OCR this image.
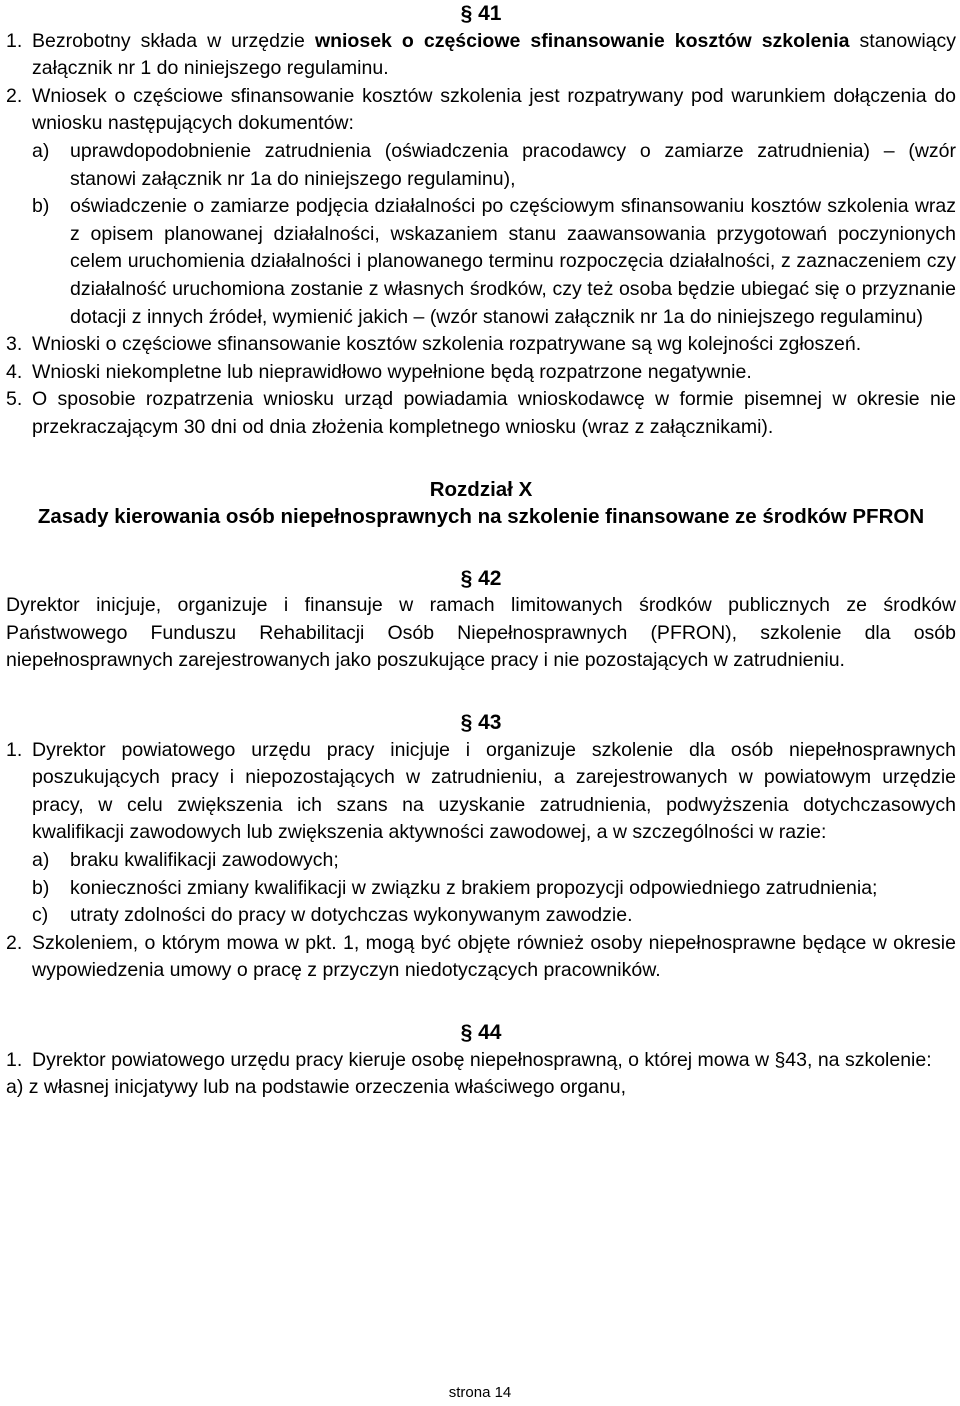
§ 41
1. Bezrobotny składa w urzędzie wniosek o częściowe sfinansowanie kosztów szkolenia stanowiący załącznik nr 1 do niniejszego regulaminu.
2. Wniosek o częściowe sfinansowanie kosztów szkolenia jest rozpatrywany pod warunkiem dołączenia do wniosku następujących dokumentów:
a)	uprawdopodobnienie zatrudnienia (oświadczenia pracodawcy o zamiarze zatrudnienia) – (wzór stanowi załącznik nr 1a do niniejszego regulaminu),
b)	oświadczenie o zamiarze podjęcia działalności po częściowym sfinansowaniu kosztów szkolenia wraz z opisem planowanej działalności, wskazaniem stanu zaawansowania przygotowań poczynionych celem uruchomienia działalności i planowanego terminu rozpoczęcia działalności, z zaznaczeniem czy działalność uruchomiona zostanie z własnych środków, czy też osoba będzie ubiegać się o przyznanie dotacji z innych źródeł, wymienić jakich – (wzór stanowi załącznik nr 1a do niniejszego regulaminu)
3. Wnioski o częściowe sfinansowanie kosztów szkolenia rozpatrywane są wg kolejności zgłoszeń.
4. Wnioski niekompletne lub nieprawidłowo wypełnione będą rozpatrzone negatywnie.
5. O sposobie rozpatrzenia wniosku urząd powiadamia wnioskodawcę w formie pisemnej w okresie nie przekraczającym 30 dni od dnia złożenia kompletnego wniosku (wraz z załącznikami).
Rozdział X
Zasady kierowania osób niepełnosprawnych na szkolenie finansowane ze środków PFRON
§ 42
Dyrektor inicjuje, organizuje i finansuje w ramach limitowanych środków publicznych ze środków Państwowego Funduszu Rehabilitacji Osób Niepełnosprawnych (PFRON), szkolenie dla osób niepełnosprawnych zarejestrowanych jako poszukujące pracy i nie pozostających w zatrudnieniu.
§ 43
1. Dyrektor powiatowego urzędu pracy inicjuje i organizuje szkolenie dla osób niepełnosprawnych poszukujących pracy i niepozostających w zatrudnieniu, a zarejestrowanych w powiatowym urzędzie pracy, w celu zwiększenia ich szans na uzyskanie zatrudnienia, podwyższenia dotychczasowych kwalifikacji zawodowych lub zwiększenia aktywności zawodowej, a w szczególności w razie:
a)	braku kwalifikacji zawodowych;
b)	konieczności zmiany kwalifikacji w związku z brakiem propozycji odpowiedniego zatrudnienia;
c)	utraty zdolności do pracy w dotychczas wykonywanym zawodzie.
2. Szkoleniem, o którym mowa w pkt. 1, mogą być objęte również osoby niepełnosprawne będące w okresie wypowiedzenia umowy o pracę z przyczyn niedotyczących pracowników.
§ 44
1. Dyrektor powiatowego urzędu pracy kieruje osobę niepełnosprawną, o której mowa w §43, na szkolenie:
a) z własnej inicjatywy lub na podstawie orzeczenia właściwego organu,
strona 14
